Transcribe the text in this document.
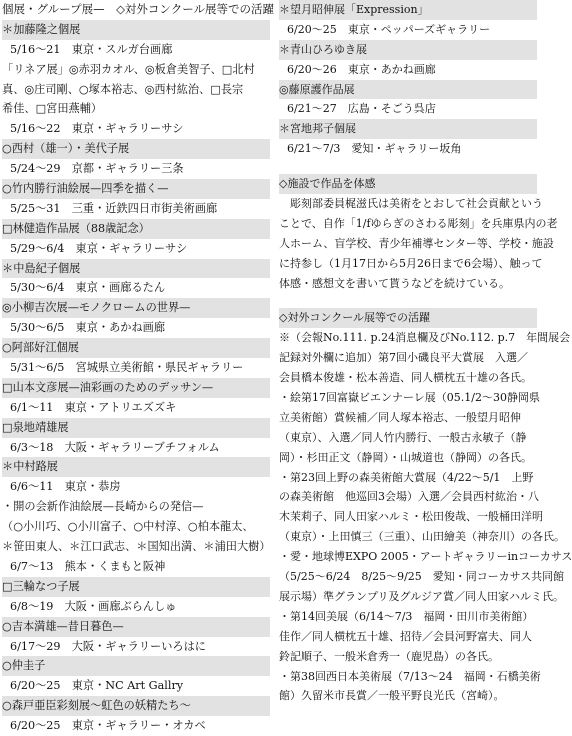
個展・グループ展—　◇対外コンクール展等での活躍
＊加藤隆之個展
5/16～21　東京・スルガ台画廊
「リネア展」◎赤羽カオル、◎板倉美智子、□北村
真、◎庄司剛、○塚本裕志、◎西村紘治、□長宗
希佳、□宮田燕輔）
5/16～22　東京・ギャラリーサシ
○西村（雄一）・美代子展
5/24～29　京都・ギャラリー三条
○竹内勝行油絵展—四季を描く—
5/25～31　三重・近鉄四日市街美術画廊
□林健造作品展（88歳記念）
5/29～6/4　東京・ギャラリーサシ
＊中島紀子個展
5/30～6/4　東京・画廊るたん
◎小柳吉次展—モノクロームの世界—
5/30～6/5　東京・あかね画廊
○阿部好江個展
5/31～6/5　宮城県立美術館・県民ギャラリー
□山本文彦展—油彩画のためのデッサン—
6/1～11　東京・アトリエズズキ
□泉地靖雄展
6/3～18　大阪・ギャラリーブチフォルム
＊中村路展
6/6～11　東京・恭房
・開の会新作油絵展—長崎からの発信—
（○小川巧、○小川富子、○中村淳、○柏本龍太、
＊笹田東人、＊江口武志、＊国知出満、＊浦田大樹）
6/7～13　熊本・くまもと阪神
□三輪なつ子展
6/8～19　大阪・画廊ぶらんしゅ
○吉本満雄—昔日暮色—
6/17～29　大阪・ギャラリーいろはに
○仲圭子
6/20～25　東京・NC Art Gallry
○森戸亜臣彩刻展～虹色の妖精たち～
6/20～25　東京・ギャラリー・オカベ
＊望月昭伸展「Expression」
6/20～25　東京・ペッパーズギャラリー
＊青山ひろゆき展
6/20～26　東京・あかね画廊
◎藤原護作品展
6/21～27　広島・そごう呉店
＊宮地邦子個展
6/21～7/3　愛知・ギャラリー坂角
◇施設で作品を体感
　彫刻部委員梶滋氏は美術をとおして社会貢献という
ことで、自作「1/fゆらぎのさわる彫刻」を兵庫県内の老
人ホーム、盲学校、青少年補導センター等、学校・施設
に持参し（1月17日から5月26日まで6会場）、触って
体感・感想文を書いて貰うなどを続けている。
◇対外コンクール展等での活躍
※（会報No.111. p.24消息欄及びNo.112. p.7　年間展会
記録対外欄に追加）第7回小磯良平大賞展　入選／
会員橋本俊雄・松本善造、同人横枕五十雄の各氏。
・絵第17回富嶽ビエンナーレ展（05.1/2～30静岡県
立美術館）賞候補／同人塚本裕志、一般望月昭伸
（東京）、入選／同人竹内勝行、一般古永敏子（静
岡）・杉田正文（静岡）・山城道也（静岡）の各氏。
・第23回上野の森美術館大賞展（4/22～5/1　上野
の森美術館　他巡回3会場）入選／会員西村紘治・八
木茉莉子、同人田家ハルミ・松田俊哉、一般桶田洋明
（東京）・上田慎三（三重）、山田繪美（神奈川）の各氏。
・愛・地球博EXPO 2005・アートギャラリーinコーカサス
（5/25～6/24　8/25～9/25　愛知・同コーカサス共同館
展示場）準グランプリ及グルジア賞／同人田家ハルミ氏。
・第14回美展（6/14～7/3　福岡・田川市美術館）
佳作／同人横枕五十雄、招待／会員河野富夫、同人
鈴記順子、一般米倉秀一（鹿児島）の各氏。
・第38回西日本美術展（7/13～24　福岡・石橋美術
館）久留米市長賞／一般平野良光氏（宮崎）。
